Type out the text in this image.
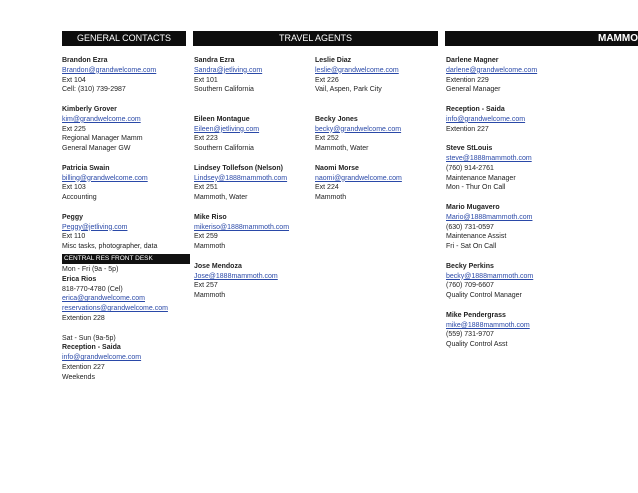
GENERAL CONTACTS	TRAVEL AGENTS	MAMMO
Brandon Ezra
Brandon@grandwelcome.com
Ext 104
Cell: (310) 739-2987
Kimberly Grover
kim@grandwelcome.com
Ext 225
Regional Manager Mamm
General Manager GW
Patricia Swain
billing@grandwelcome.com
Ext 103
Accounting
Peggy
Peggy@jetliving.com
Ext 110
Misc tasks, photographer, data
CENTRAL RES FRONT DESK
Mon - Fri (9a - 5p)
Erica Rios
818-770-4780 (Cel)
erica@grandwelcome.com
reservations@grandwelcome.com
Extention 228
Sat - Sun (9a-5p)
Reception - Saida
info@grandwelcome.com
Extention 227
Weekends
Sandra Ezra
Sandra@jetliving.com
Ext 101
Southern California
Eileen Montague
Eileen@jetliving.com
Ext 223
Southern California
Lindsey Tollefson (Nelson)
Lindsey@1888mammoth.com
Ext 251
Mammoth, Water
Mike Riso
mikeriso@1888mammoth.com
Ext 259
Mammoth
Jose Mendoza
Jose@1888mammoth.com
Ext 257
Mammoth
Leslie Diaz
leslie@grandwelcome.com
Ext 226
Vail, Aspen, Park City
Becky Jones
becky@grandwelcome.com
Ext 252
Mammoth, Water
Naomi Morse
naomi@grandwelcome.com
Ext 224
Mammoth
Darlene Magner
darlene@grandwelcome.com
Extention 229
General Manager
Reception - Saida
info@grandwelcome.com
Extention 227
Steve StLouis
steve@1888mammoth.com
(760) 914-2761
Maintenance Manager
Mon - Thur On Call
Mario Mugavero
Mario@1888mammoth.com
(630) 731-0597
Maintenance Assist
Fri - Sat On Call
Becky Perkins
becky@1888mammoth.com
(760) 709-6607
Quality Control Manager
Mike Pendergrass
mike@1888mammoth.com
(559) 731-9707
Quality Control Asst
